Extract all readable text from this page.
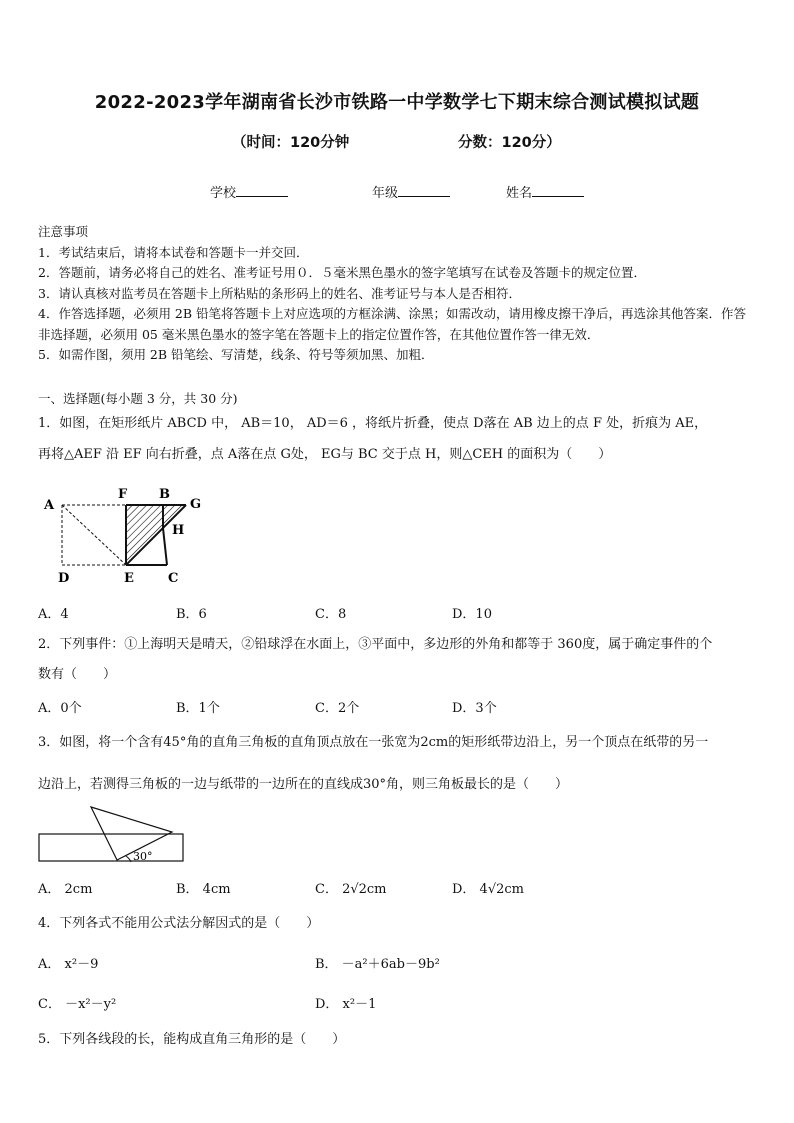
2022-2023学年湖南省长沙市铁路一中学数学七下期末综合测试模拟试题
（时间：120分钟	分数：120分）
学校	年级	姓名

注意事项

1．考试结束后，请将本试卷和答题卡一并交回．

2．答题前，请务必将自己的姓名、准考证号用０．５毫米黑色墨水的签字笔填写在试卷及答题卡的规定位置．

3．请认真核对监考员在答题卡上所粘贴的条形码上的姓名、准考证号与本人是否相符．

4．作答选择题，必须用 2B 铅笔将答题卡上对应选项的方框涂满、涂黑；如需改动，请用橡皮擦干净后，再选涂其他答案．作答非选择题，必须用 05 毫米黑色墨水的签字笔在答题卡上的指定位置作答，在其他位置作答一律无效．

5．如需作图，须用 2B 铅笔绘、写清楚，线条、符号等须加黑、加粗．

一、选择题(每小题 3 分，共 30 分)
1．如图，在矩形纸片 ABCD 中， AB＝10， AD＝6 ，将纸片折叠，使点 D落在 AB 边上的点 F 处，折痕为 AE，
再将△AEF 沿 EF 向右折叠，点 A落在点 G处， EG与 BC 交于点 H，则△CEH 的面积为（　　）
A
F B
G
H
D	E	C
A．4	B．6	C．8	D．10
2．下列事件：①上海明天是晴天，②铅球浮在水面上，③平面中，多边形的外角和都等于 360度，属于确定事件的个
数有（　　）
A．0个	B．1个	C．2个	D．3个
3．如图，将一个含有45°角的直角三角板的直角顶点放在一张宽为2cm的矩形纸带边沿上，另一个顶点在纸带的另一
边沿上，若测得三角板的一边与纸带的一边所在的直线成30°角，则三角板最长的是（　　）
30°
A． 2cm	B． 4cm	C． 2√2cm	D． 4√2cm
4．下列各式不能用公式法分解因式的是（　　）
A． x²－9	B． －a²＋6ab－9b²
C． －x²－y²	D． x²－1
5．下列各线段的长，能构成直角三角形的是（　　）
